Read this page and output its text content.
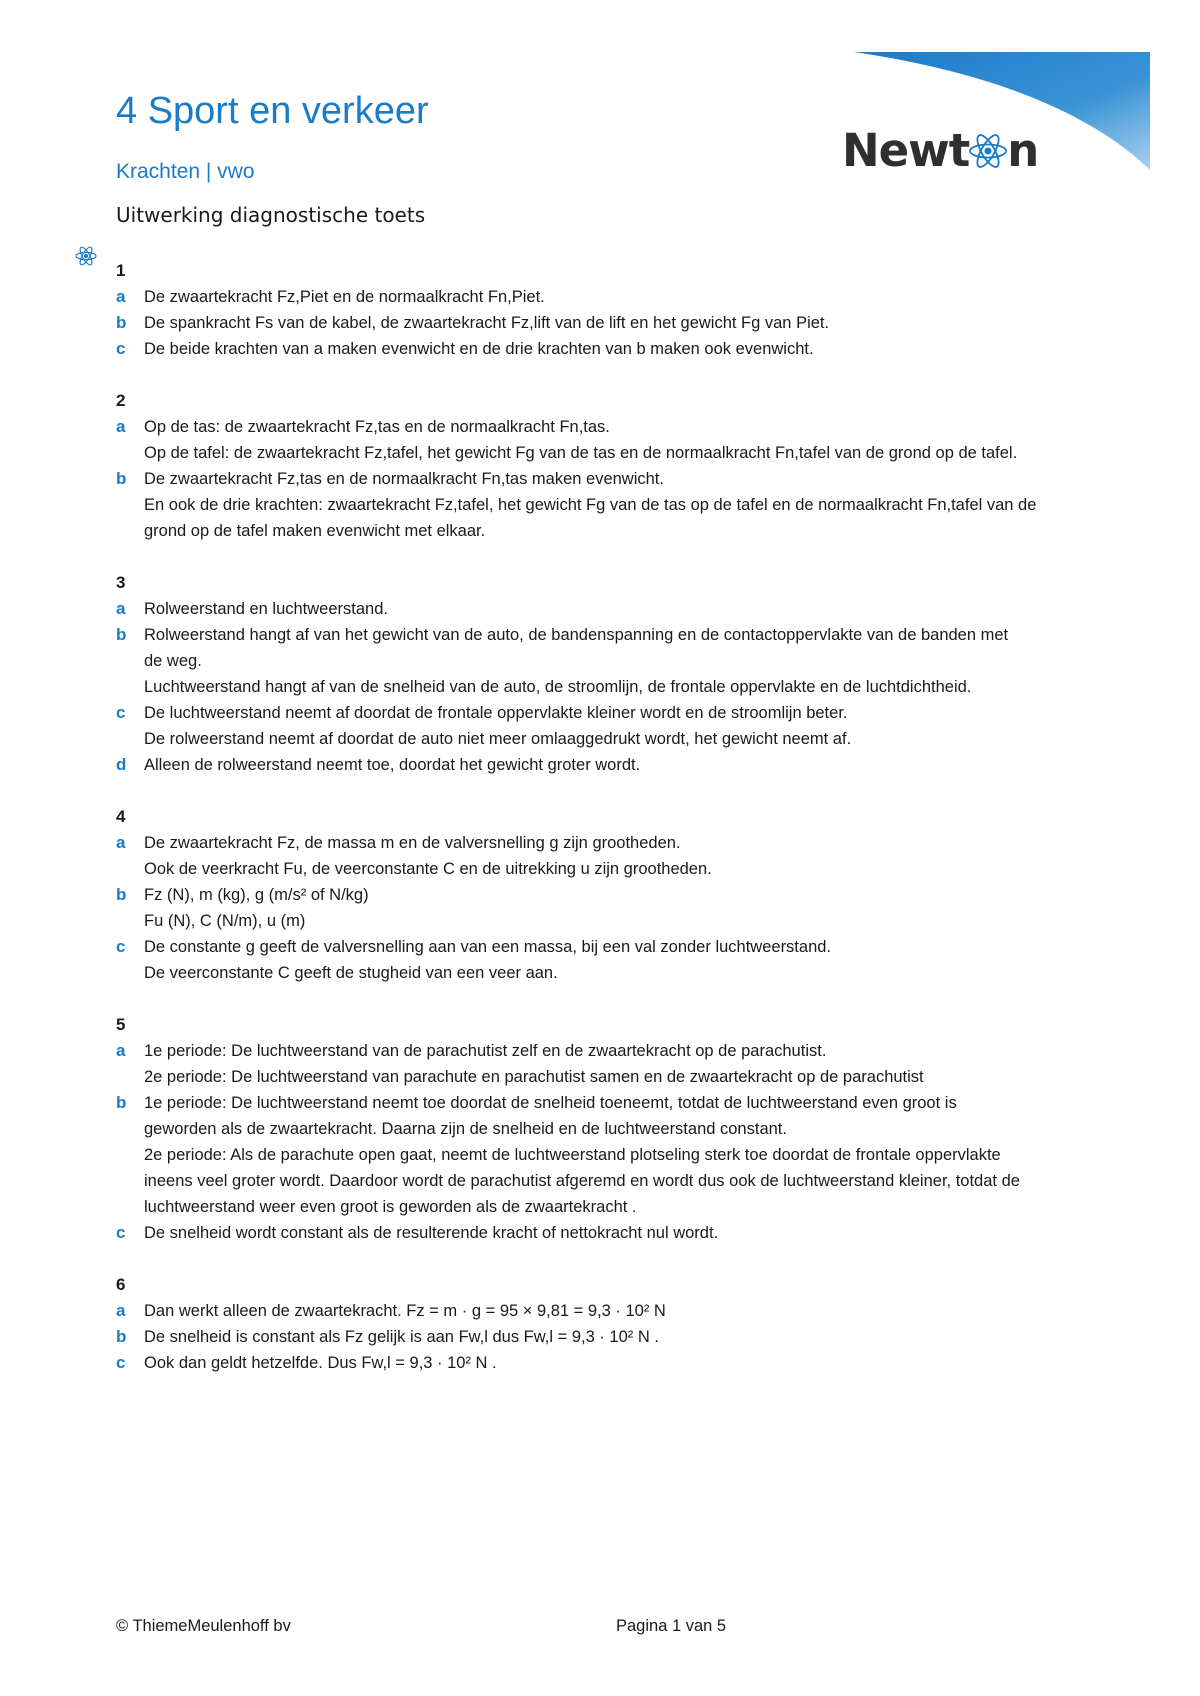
Newt n
4 Sport en verkeer
Krachten | vwo
Uitwerking diagnostische toets
1
a De zwaartekracht Fz,Piet en de normaalkracht Fn,Piet.
b De spankracht Fs van de kabel, de zwaartekracht Fz,lift van de lift en het gewicht Fg van Piet.
c De beide krachten van a maken evenwicht en de drie krachten van b maken ook evenwicht.
2
a Op de tas: de zwaartekracht Fz,tas en de normaalkracht Fn,tas.
Op de tafel: de zwaartekracht Fz,tafel, het gewicht Fg van de tas en de normaalkracht Fn,tafel van de grond op de tafel.
b De zwaartekracht Fz,tas en de normaalkracht Fn,tas maken evenwicht.
En ook de drie krachten: zwaartekracht Fz,tafel, het gewicht Fg van de tas op de tafel en de normaalkracht Fn,tafel van de
grond op de tafel maken evenwicht met elkaar.
3
a Rolweerstand en luchtweerstand.
b Rolweerstand hangt af van het gewicht van de auto, de bandenspanning en de contactoppervlakte van de banden met
de weg.
Luchtweerstand hangt af van de snelheid van de auto, de stroomlijn, de frontale oppervlakte en de luchtdichtheid.
c De luchtweerstand neemt af doordat de frontale oppervlakte kleiner wordt en de stroomlijn beter.
De rolweerstand neemt af doordat de auto niet meer omlaaggedrukt wordt, het gewicht neemt af.
d Alleen de rolweerstand neemt toe, doordat het gewicht groter wordt.
4
a De zwaartekracht Fz, de massa m en de valversnelling g zijn grootheden.
Ook de veerkracht Fu, de veerconstante C en de uitrekking u zijn grootheden.
b Fz (N), m (kg), g (m/s² of N/kg)
Fu (N), C (N/m), u (m)
c De constante g geeft de valversnelling aan van een massa, bij een val zonder luchtweerstand.
De veerconstante C geeft de stugheid van een veer aan.
5
a 1e periode: De luchtweerstand van de parachutist zelf en de zwaartekracht op de parachutist.
2e periode: De luchtweerstand van parachute en parachutist samen en de zwaartekracht op de parachutist
b 1e periode: De luchtweerstand neemt toe doordat de snelheid toeneemt, totdat de luchtweerstand even groot is
geworden als de zwaartekracht. Daarna zijn de snelheid en de luchtweerstand constant.
2e periode: Als de parachute open gaat, neemt de luchtweerstand plotseling sterk toe doordat de frontale oppervlakte
ineens veel groter wordt. Daardoor wordt de parachutist afgeremd en wordt dus ook de luchtweerstand kleiner, totdat de
luchtweerstand weer even groot is geworden als de zwaartekracht .
c De snelheid wordt constant als de resulterende kracht of nettokracht nul wordt.
6
a Dan werkt alleen de zwaartekracht. Fz = m · g = 95 × 9,81 = 9,3 · 10² N
b De snelheid is constant als Fz gelijk is aan Fw,l dus Fw,l = 9,3 · 10² N .
c Ook dan geldt hetzelfde. Dus Fw,l = 9,3 · 10² N .
© ThiemeMeulenhoff bv	Pagina 1 van 5
